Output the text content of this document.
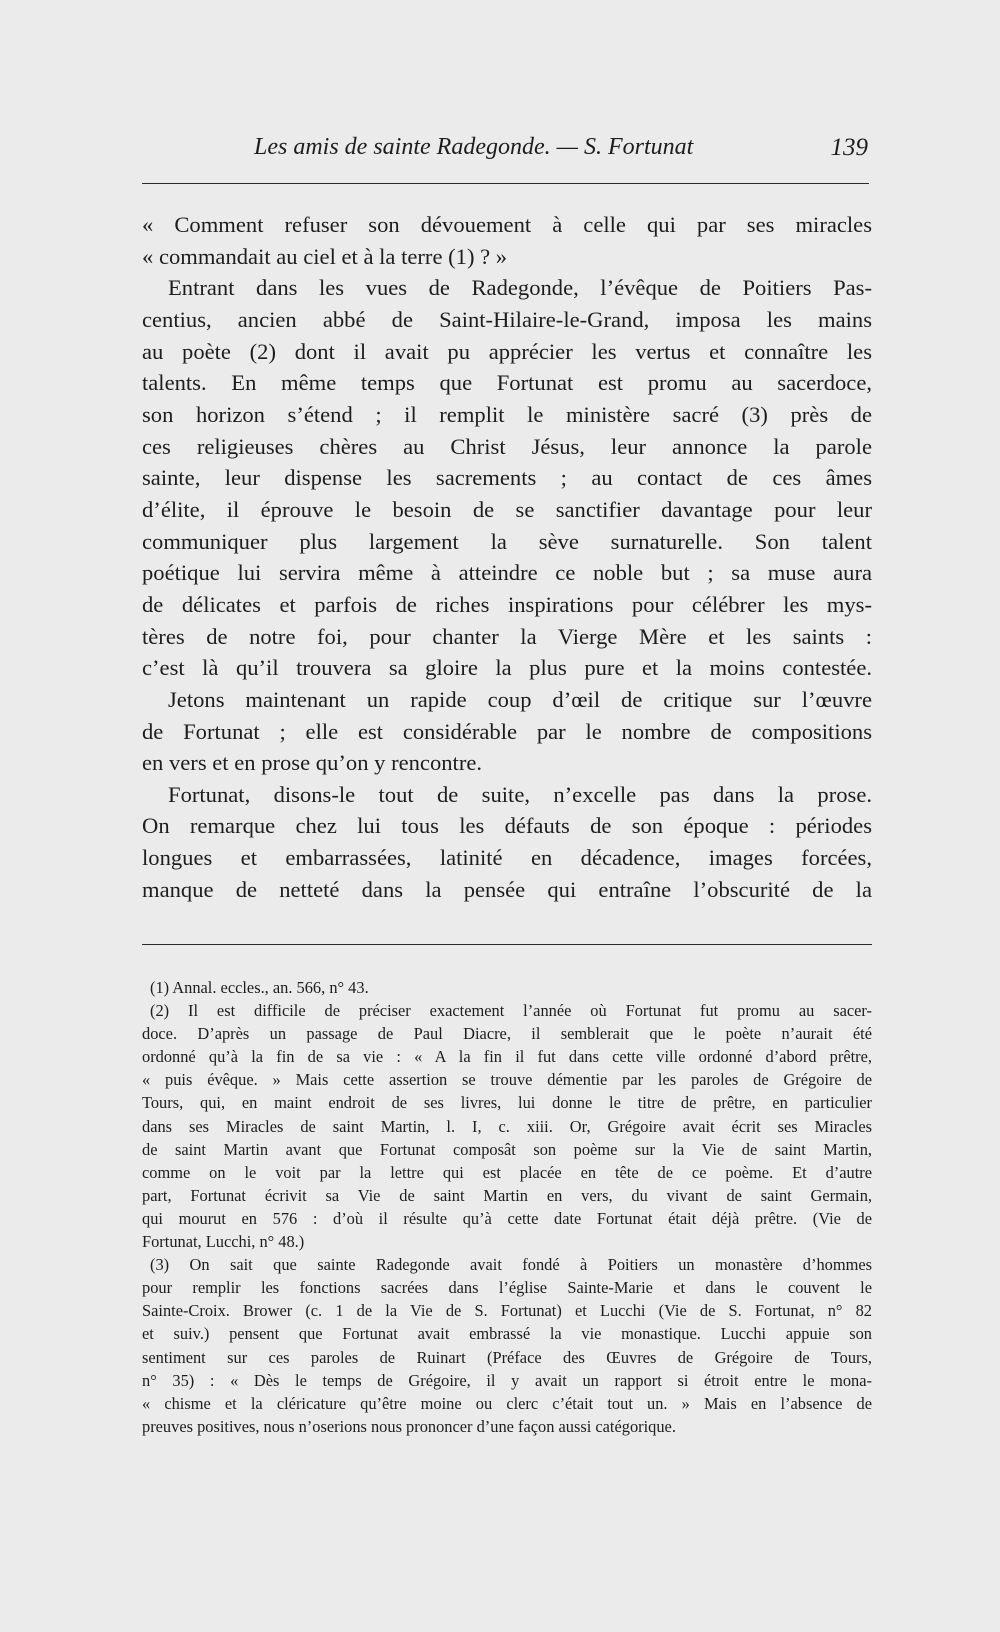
Les amis de sainte Radegonde. — S. Fortunat	139
« Comment refuser son dévouement à celle qui par ses miracles
« commandait au ciel et à la terre (1) ? »
Entrant dans les vues de Radegonde, l’évêque de Poitiers Pas-
centius, ancien abbé de Saint-Hilaire-le-Grand, imposa les mains
au poète (2) dont il avait pu apprécier les vertus et connaître les
talents. En même temps que Fortunat est promu au sacerdoce,
son horizon s’étend ; il remplit le ministère sacré (3) près de
ces religieuses chères au Christ Jésus, leur annonce la parole
sainte, leur dispense les sacrements ; au contact de ces âmes
d’élite, il éprouve le besoin de se sanctifier davantage pour leur
communiquer plus largement la sève surnaturelle. Son talent
poétique lui servira même à atteindre ce noble but ; sa muse aura
de délicates et parfois de riches inspirations pour célébrer les mys-
tères de notre foi, pour chanter la Vierge Mère et les saints :
c’est là qu’il trouvera sa gloire la plus pure et la moins contestée.
Jetons maintenant un rapide coup d’œil de critique sur l’œuvre
de Fortunat ; elle est considérable par le nombre de compositions
en vers et en prose qu’on y rencontre.
Fortunat, disons-le tout de suite, n’excelle pas dans la prose.
On remarque chez lui tous les défauts de son époque : périodes
longues et embarrassées, latinité en décadence, images forcées,
manque de netteté dans la pensée qui entraîne l’obscurité de la
(1) Annal. eccles., an. 566, n° 43.
(2) Il est difficile de préciser exactement l’année où Fortunat fut promu au sacer-
doce. D’après un passage de Paul Diacre, il semblerait que le poète n’aurait été
ordonné qu’à la fin de sa vie : « A la fin il fut dans cette ville ordonné d’abord prêtre,
« puis évêque. » Mais cette assertion se trouve démentie par les paroles de Grégoire de
Tours, qui, en maint endroit de ses livres, lui donne le titre de prêtre, en particulier
dans ses Miracles de saint Martin, l. I, c. xiii. Or, Grégoire avait écrit ses Miracles
de saint Martin avant que Fortunat composât son poème sur la Vie de saint Martin,
comme on le voit par la lettre qui est placée en tête de ce poème. Et d’autre
part, Fortunat écrivit sa Vie de saint Martin en vers, du vivant de saint Germain,
qui mourut en 576 : d’où il résulte qu’à cette date Fortunat était déjà prêtre. (Vie de
Fortunat, Lucchi, n° 48.)
(3) On sait que sainte Radegonde avait fondé à Poitiers un monastère d’hommes
pour remplir les fonctions sacrées dans l’église Sainte-Marie et dans le couvent le
Sainte-Croix. Brower (c. 1 de la Vie de S. Fortunat) et Lucchi (Vie de S. Fortunat, n° 82
et suiv.) pensent que Fortunat avait embrassé la vie monastique. Lucchi appuie son
sentiment sur ces paroles de Ruinart (Préface des Œuvres de Grégoire de Tours,
n° 35) : « Dès le temps de Grégoire, il y avait un rapport si étroit entre le mona-
« chisme et la cléricature qu’être moine ou clerc c’était tout un. » Mais en l’absence de
preuves positives, nous n’oserions nous prononcer d’une façon aussi catégorique.
